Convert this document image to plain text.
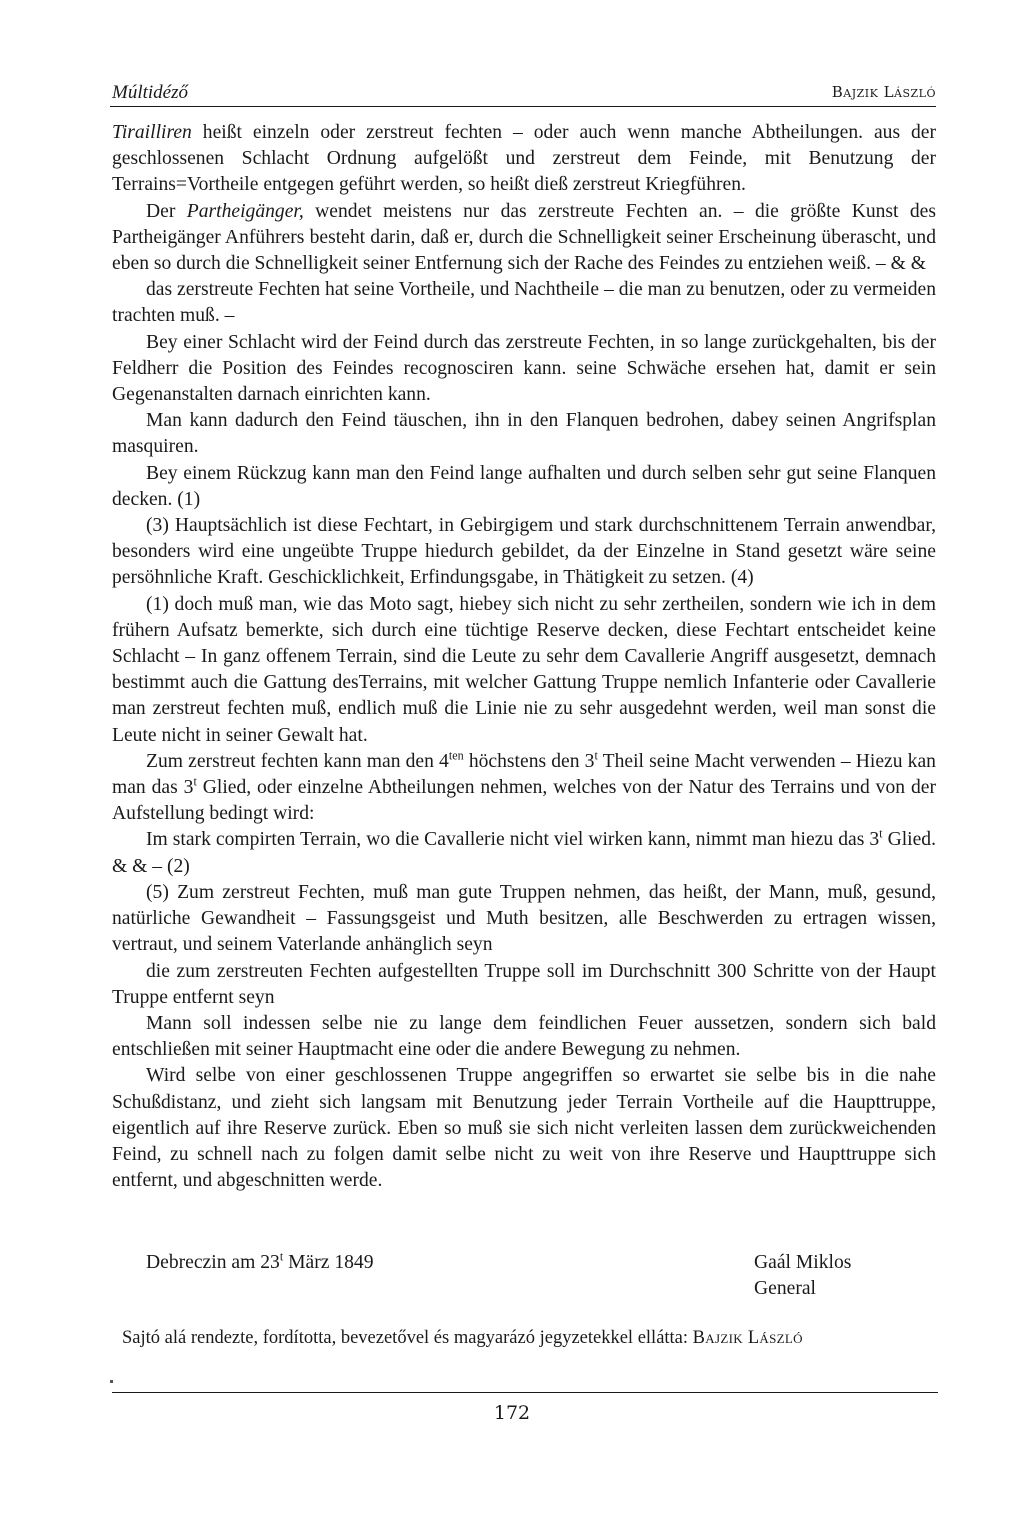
Múltidéző	Bajzik László

Tirailliren heißt einzeln oder zerstreut fechten – oder auch wenn manche Abtheilungen. aus der geschlossenen Schlacht Ordnung aufgelößt und zerstreut dem Feinde, mit Benutzung der Terrains=Vortheile entgegen geführt werden, so heißt dieß zerstreut Kriegführen.

Der Partheigänger, wendet meistens nur das zerstreute Fechten an. – die größte Kunst des Partheigänger Anführers besteht darin, daß er, durch die Schnelligkeit seiner Erscheinung überascht, und eben so durch die Schnelligkeit seiner Entfernung sich der Rache des Feindes zu entziehen weiß. – & &

das zerstreute Fechten hat seine Vortheile, und Nachtheile – die man zu benutzen, oder zu vermeiden trachten muß. –

Bey einer Schlacht wird der Feind durch das zerstreute Fechten, in so lange zurückgehalten, bis der Feldherr die Position des Feindes recognosciren kann. seine Schwäche ersehen hat, damit er sein Gegenanstalten darnach einrichten kann.

Man kann dadurch den Feind täuschen, ihn in den Flanquen bedrohen, dabey seinen Angrifsplan masquiren.

Bey einem Rückzug kann man den Feind lange aufhalten und durch selben sehr gut seine Flanquen decken. (1)

(3) Hauptsächlich ist diese Fechtart, in Gebirgigem und stark durchschnittenem Terrain anwendbar, besonders wird eine ungeübte Truppe hiedurch gebildet, da der Einzelne in Stand gesetzt wäre seine persöhnliche Kraft. Geschicklichkeit, Erfindungsgabe, in Thätigkeit zu setzen. (4)

(1) doch muß man, wie das Moto sagt, hiebey sich nicht zu sehr zertheilen, sondern wie ich in dem frühern Aufsatz bemerkte, sich durch eine tüchtige Reserve decken, diese Fechtart entscheidet keine Schlacht – In ganz offenem Terrain, sind die Leute zu sehr dem Cavallerie Angriff ausgesetzt, demnach bestimmt auch die Gattung desTerrains, mit welcher Gattung Truppe nemlich Infanterie oder Cavallerie man zerstreut fechten muß, endlich muß die Linie nie zu sehr ausgedehnt werden, weil man sonst die Leute nicht in seiner Gewalt hat.

Zum zerstreut fechten kann man den $4^{ten}$ höchstens den 3$^t$ Theil seine Macht verwenden – Hiezu kan man das 3$^t$ Glied, oder einzelne Abtheilungen nehmen, welches von der Natur des Terrains und von der Aufstellung bedingt wird:

Im stark compirten Terrain, wo die Cavallerie nicht viel wirken kann, nimmt man hiezu das 3$^t$ Glied. & & – (2)

(5) Zum zerstreut Fechten, muß man gute Truppen nehmen, das heißt, der Mann, muß, gesund, natürliche Gewandheit – Fassungsgeist und Muth besitzen, alle Beschwerden zu ertragen wissen, vertraut, und seinem Vaterlande anhänglich seyn

die zum zerstreuten Fechten aufgestellten Truppe soll im Durchschnitt 300 Schritte von der Haupt Truppe entfernt seyn

Mann soll indessen selbe nie zu lange dem feindlichen Feuer aussetzen, sondern sich bald entschließen mit seiner Hauptmacht eine oder die andere Bewegung zu nehmen.

Wird selbe von einer geschlossenen Truppe angegriffen so erwartet sie selbe bis in die nahe Schußdistanz, und zieht sich langsam mit Benutzung jeder Terrain Vortheile auf die Haupttruppe, eigentlich auf ihre Reserve zurück. Eben so muß sie sich nicht verleiten lassen dem zurückweichenden Feind, zu schnell nach zu folgen damit selbe nicht zu weit von ihre Reserve und Haupttruppe sich entfernt, und abgeschnitten werde.

Debreczin am 23$^t$ März 1849	Gaál Miklos
General
Sajtó alá rendezte, fordította, bevezetővel és magyarázó jegyzetekkel ellátta: Bajzik László
172
